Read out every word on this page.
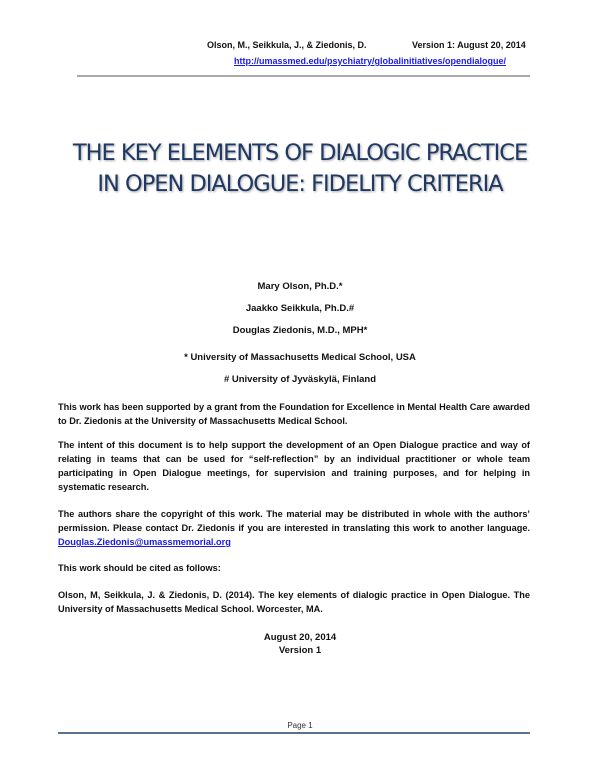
Olson, M., Seikkula, J., & Ziedonis, D.	Version 1: August 20, 2014
http://umassmed.edu/psychiatry/globalinitiatives/opendialogue/
THE KEY ELEMENTS OF DIALOGIC PRACTICE
IN OPEN DIALOGUE: FIDELITY CRITERIA
Mary Olson, Ph.D.*
Jaakko Seikkula, Ph.D.#
Douglas Ziedonis, M.D., MPH*
* University of Massachusetts Medical School, USA
# University of Jyväskylä, Finland
This work has been supported by a grant from the Foundation for Excellence in Mental Health Care awarded to Dr. Ziedonis at the University of Massachusetts Medical School.
The intent of this document is to help support the development of an Open Dialogue practice and way of relating in teams that can be used for “self-reflection” by an individual practitioner or whole team participating in Open Dialogue meetings, for supervision and training purposes, and for helping in systematic research.
The authors share the copyright of this work. The material may be distributed in whole with the authors’ permission. Please contact Dr. Ziedonis if you are interested in translating this work to another language. Douglas.Ziedonis@umassmemorial.org
This work should be cited as follows:
Olson, M, Seikkula, J. & Ziedonis, D. (2014). The key elements of dialogic practice in Open Dialogue. The University of Massachusetts Medical School. Worcester, MA.
August 20, 2014
Version 1
Page 1
